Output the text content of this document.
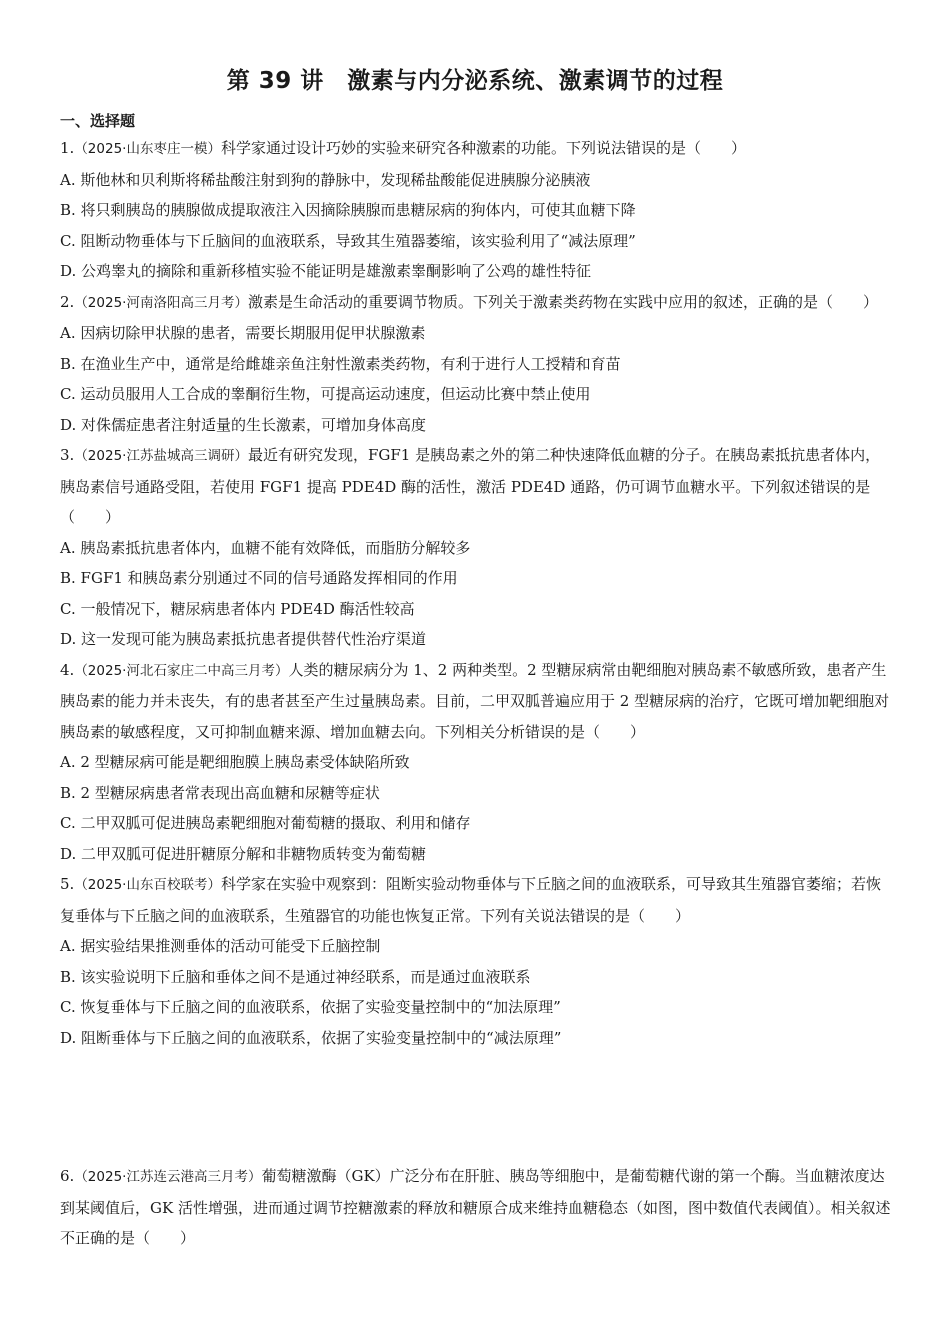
第 39 讲　激素与内分泌系统、激素调节的过程
一、选择题

1.（2025·山东枣庄一模）科学家通过设计巧妙的实验来研究各种激素的功能。下列说法错误的是（　　）

A. 斯他林和贝利斯将稀盐酸注射到狗的静脉中，发现稀盐酸能促进胰腺分泌胰液

B. 将只剩胰岛的胰腺做成提取液注入因摘除胰腺而患糖尿病的狗体内，可使其血糖下降

C. 阻断动物垂体与下丘脑间的血液联系，导致其生殖器萎缩，该实验利用了“减法原理”

D. 公鸡睾丸的摘除和重新移植实验不能证明是雄激素睾酮影响了公鸡的雄性特征

2.（2025·河南洛阳高三月考）激素是生命活动的重要调节物质。下列关于激素类药物在实践中应用的叙述，正确的是（　　）

A. 因病切除甲状腺的患者，需要长期服用促甲状腺激素

B. 在渔业生产中，通常是给雌雄亲鱼注射性激素类药物，有利于进行人工授精和育苗

C. 运动员服用人工合成的睾酮衍生物，可提高运动速度，但运动比赛中禁止使用

D. 对侏儒症患者注射适量的生长激素，可增加身体高度

3.（2025·江苏盐城高三调研）最近有研究发现，FGF1 是胰岛素之外的第二种快速降低血糖的分子。在胰岛素抵抗患者体内，胰岛素信号通路受阻，若使用 FGF1 提高 PDE4D 酶的活性，激活 PDE4D 通路，仍可调节血糖水平。下列叙述错误的是（　　）

A. 胰岛素抵抗患者体内，血糖不能有效降低，而脂肪分解较多

B. FGF1 和胰岛素分别通过不同的信号通路发挥相同的作用

C. 一般情况下，糖尿病患者体内 PDE4D 酶活性较高

D. 这一发现可能为胰岛素抵抗患者提供替代性治疗渠道

4.（2025·河北石家庄二中高三月考）人类的糖尿病分为 1、2 两种类型。2 型糖尿病常由靶细胞对胰岛素不敏感所致，患者产生胰岛素的能力并未丧失，有的患者甚至产生过量胰岛素。目前，二甲双胍普遍应用于 2 型糖尿病的治疗，它既可增加靶细胞对胰岛素的敏感程度，又可抑制血糖来源、增加血糖去向。下列相关分析错误的是（　　）

A. 2 型糖尿病可能是靶细胞膜上胰岛素受体缺陷所致

B. 2 型糖尿病患者常表现出高血糖和尿糖等症状

C. 二甲双胍可促进胰岛素靶细胞对葡萄糖的摄取、利用和储存

D. 二甲双胍可促进肝糖原分解和非糖物质转变为葡萄糖

5.（2025·山东百校联考）科学家在实验中观察到：阻断实验动物垂体与下丘脑之间的血液联系，可导致其生殖器官萎缩；若恢复垂体与下丘脑之间的血液联系，生殖器官的功能也恢复正常。下列有关说法错误的是（　　）

A. 据实验结果推测垂体的活动可能受下丘脑控制

B. 该实验说明下丘脑和垂体之间不是通过神经联系，而是通过血液联系

C. 恢复垂体与下丘脑之间的血液联系，依据了实验变量控制中的“加法原理”

D. 阻断垂体与下丘脑之间的血液联系，依据了实验变量控制中的“减法原理”

6.（2025·江苏连云港高三月考）葡萄糖激酶（GK）广泛分布在肝脏、胰岛等细胞中，是葡萄糖代谢的第一个酶。当血糖浓度达到某阈值后，GK 活性增强，进而通过调节控糖激素的释放和糖原合成来维持血糖稳态（如图，图中数值代表阈值）。相关叙述不正确的是（　　）
